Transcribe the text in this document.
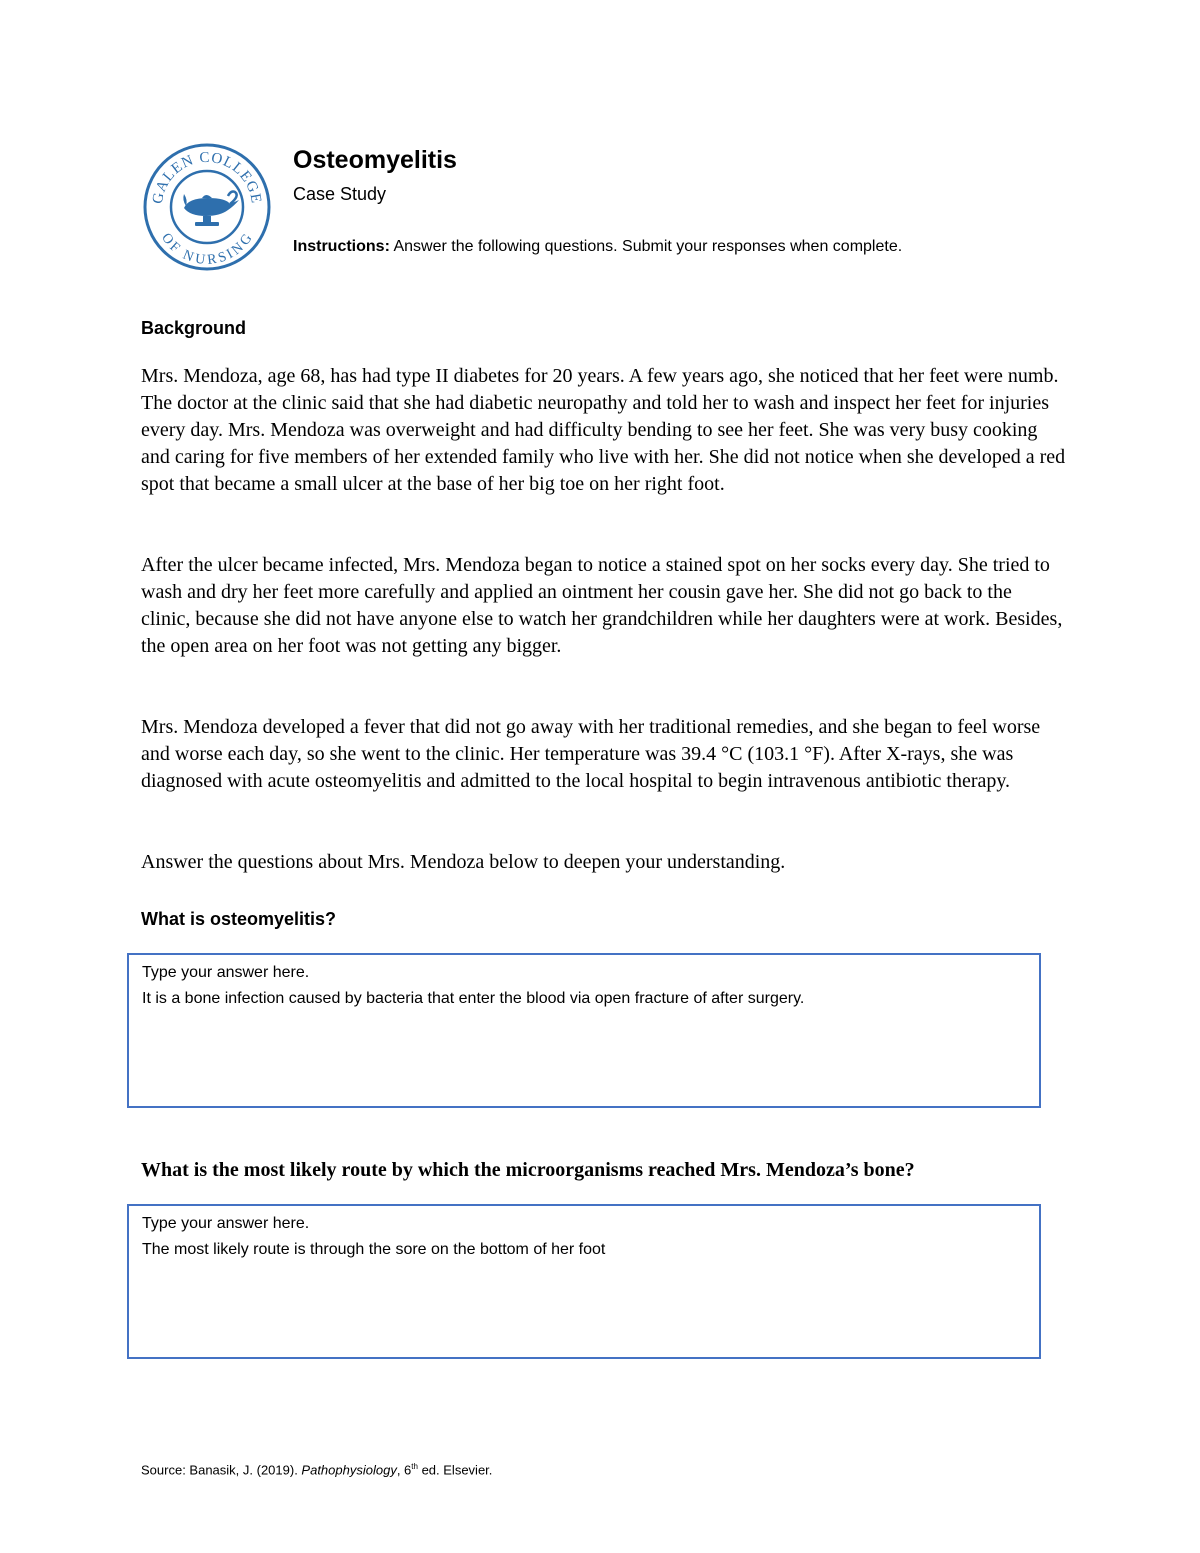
GALEN COLLEGE
OF NURSING
Osteomyelitis
Case Study
Instructions: Answer the following questions. Submit your responses when complete.
Background

Mrs. Mendoza, age 68, has had type II diabetes for 20 years. A few years ago, she noticed that her feet were numb. The doctor at the clinic said that she had diabetic neuropathy and told her to wash and inspect her feet for injuries every day. Mrs. Mendoza was overweight and had difficulty bending to see her feet. She was very busy cooking and caring for five members of her extended family who live with her. She did not notice when she developed a red spot that became a small ulcer at the base of her big toe on her right foot.

After the ulcer became infected, Mrs. Mendoza began to notice a stained spot on her socks every day. She tried to wash and dry her feet more carefully and applied an ointment her cousin gave her. She did not go back to the clinic, because she did not have anyone else to watch her grandchildren while her daughters were at work. Besides, the open area on her foot was not getting any bigger.

Mrs. Mendoza developed a fever that did not go away with her traditional remedies, and she began to feel worse and worse each day, so she went to the clinic. Her temperature was 39.4 °C (103.1 °F). After X-rays, she was diagnosed with acute osteomyelitis and admitted to the local hospital to begin intravenous antibiotic therapy.

Answer the questions about Mrs. Mendoza below to deepen your understanding.

What is osteomyelitis?
Type your answer here.
It is a bone infection caused by bacteria that enter the blood via open fracture of after surgery.
What is the most likely route by which the microorganisms reached Mrs. Mendoza’s bone?
Type your answer here.
The most likely route is through the sore on the bottom of her foot
Source: Banasik, J. (2019). Pathophysiology, 6th ed. Elsevier.
